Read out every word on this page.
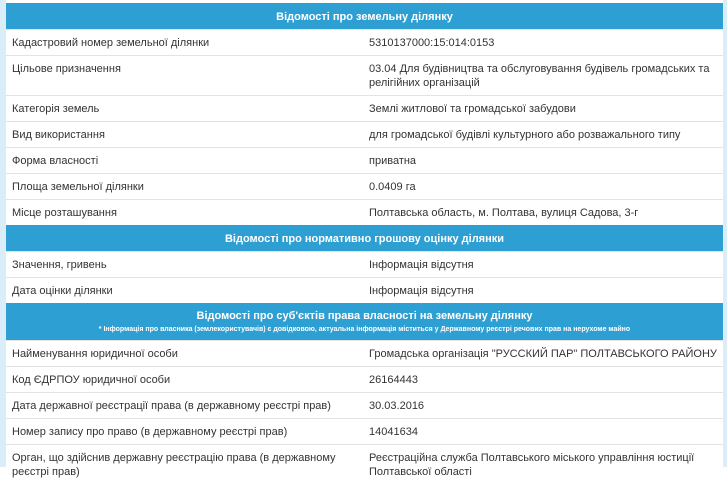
Відомості про земельну ділянку	
Кадастровий номер земельної ділянки	5310137000:15:014:0153
Цільове призначення	03.04 Для будівництва та обслуговування будівель громадських та релігійних організацій
Категорія земель	Землі житлової та громадської забудови
Вид використання	для громадської будівлі культурного або розважального типу
Форма власності	приватна
Площа земельної ділянки	0.0409 га
Місце розташування	Полтавська область, м. Полтава, вулиця Садова, 3-г
Відомості про нормативно грошову оцінку ділянки	
Значення, гривень	Інформація відсутня
Дата оцінки ділянки	Інформація відсутня
Відомості про суб'єктів права власності на земельну ділянку
* Інформація про власника (землекористувачів) є довідковою, актуальна інформація міститься у Державному реєстрі речових прав на нерухоме майно	

Найменування юридичної особи	Громадська організація "РУССКИЙ ПАР" ПОЛТАВСЬКОГО РАЙОНУ
Код ЄДРПОУ юридичної особи	26164443
Дата державної реєстрації права (в державному реєстрі прав)	30.03.2016
Номер запису про право (в державному реєстрі прав)	14041634
Орган, що здійснив державну реєстрацію права (в державному реєстрі прав)	Реєстраційна служба Полтавського міського управління юстиції Полтавської області
